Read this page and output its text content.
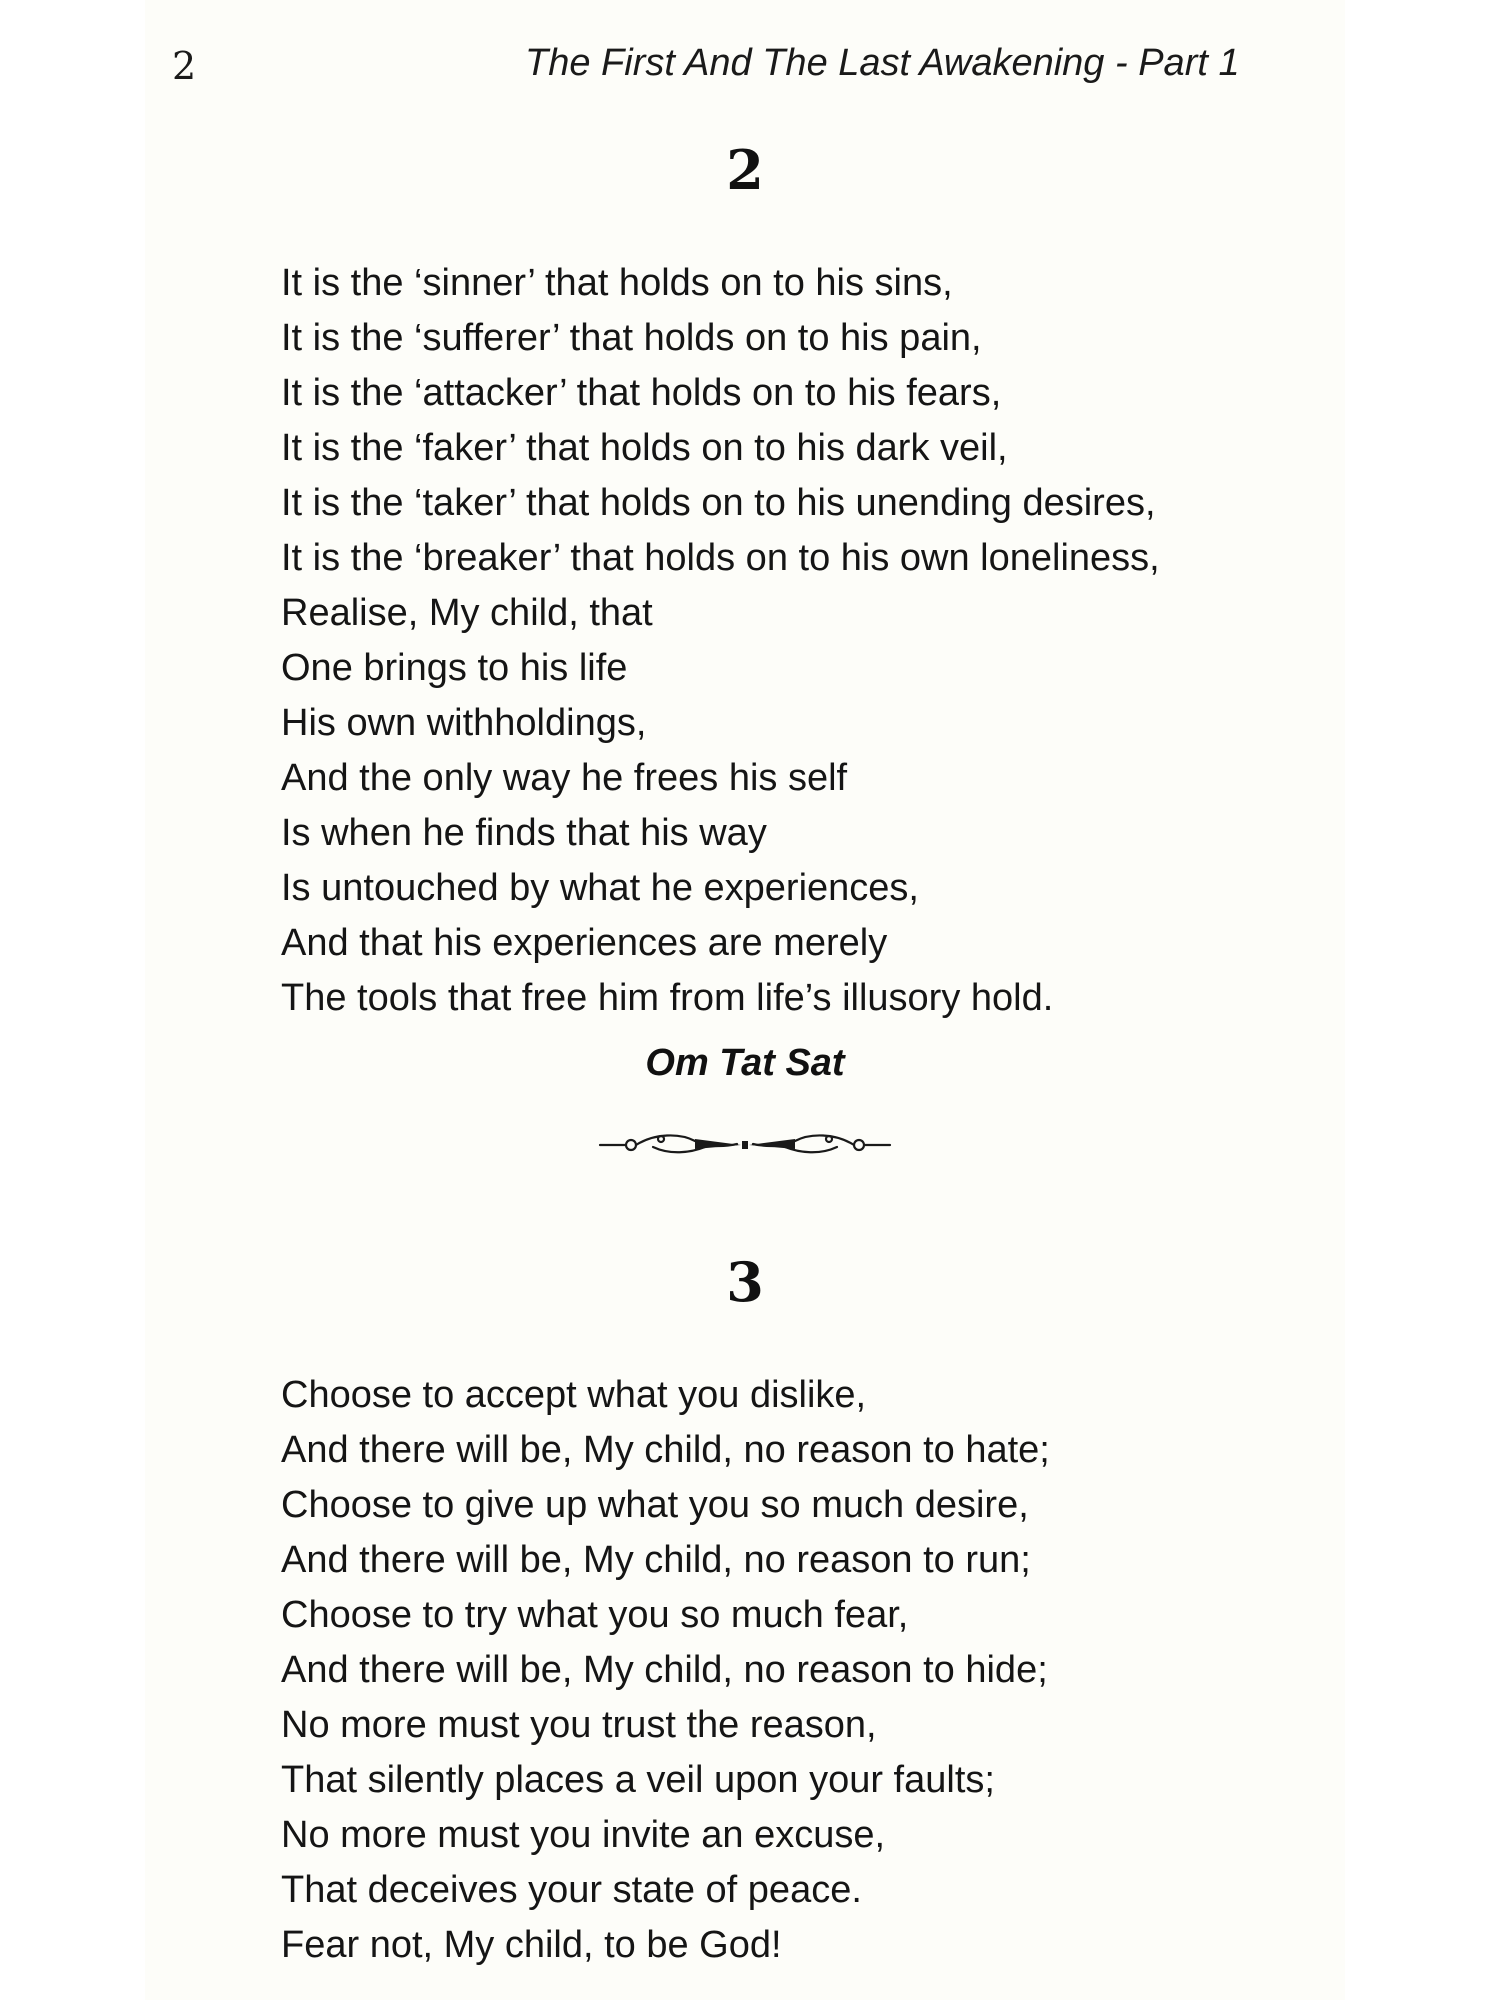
2	The First And The Last Awakening - Part 1
2
It is the ‘sinner’ that holds on to his sins,
It is the ‘sufferer’ that holds on to his pain,
It is the ‘attacker’ that holds on to his fears,
It is the ‘faker’ that holds on to his dark veil,
It is the ‘taker’ that holds on to his unending desires,
It is the ‘breaker’ that holds on to his own loneliness,
Realise, My child, that
One brings to his life
His own withholdings,
And the only way he frees his self
Is when he finds that his way
Is untouched by what he experiences,
And that his experiences are merely
The tools that free him from life’s illusory hold.
Om Tat Sat
3
Choose to accept what you dislike,
And there will be, My child, no reason to hate;
Choose to give up what you so much desire,
And there will be, My child, no reason to run;
Choose to try what you so much fear,
And there will be, My child, no reason to hide;
No more must you trust the reason,
That silently places a veil upon your faults;
No more must you invite an excuse,
That deceives your state of peace.
Fear not, My child, to be God!
